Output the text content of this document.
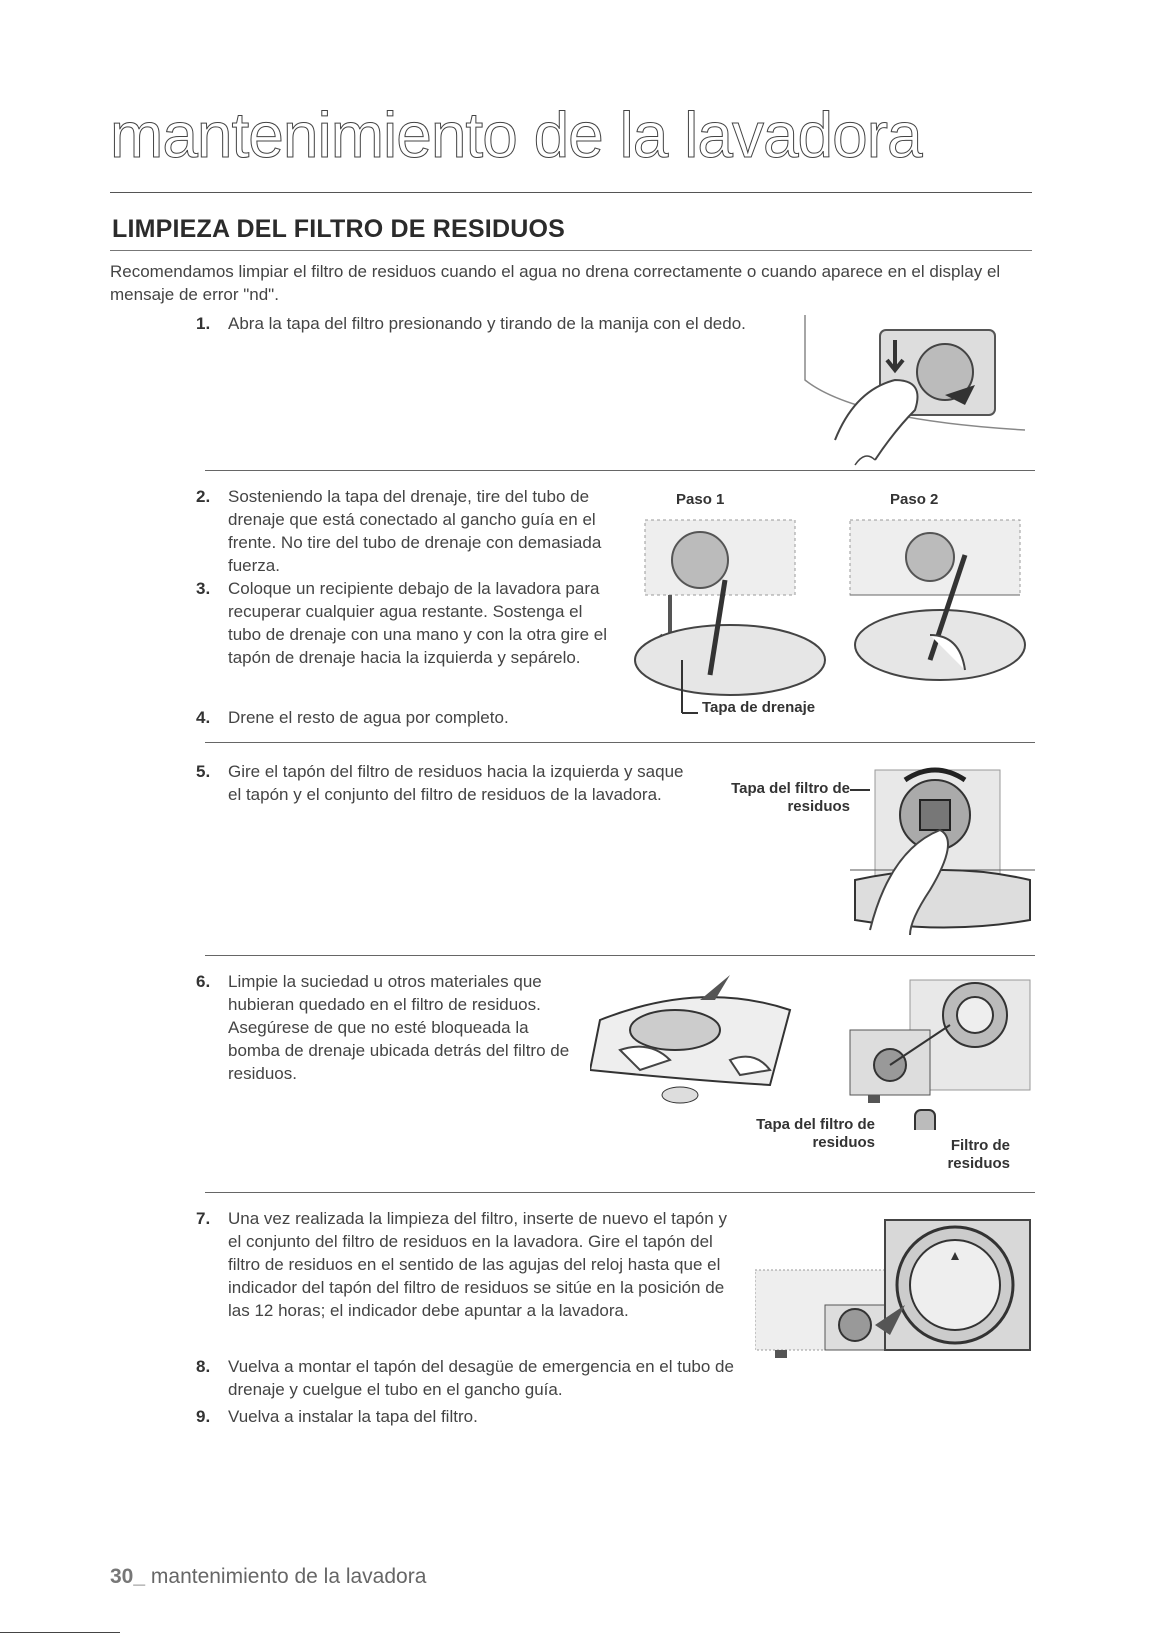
mantenimiento de la lavadora
LIMPIEZA DEL FILTRO DE RESIDUOS
Recomendamos limpiar el filtro de residuos cuando el agua no drena correctamente o cuando aparece en el display el mensaje de error "nd".
1.	Abra la tapa del filtro presionando y tirando de la manija con el dedo.
2.	Sosteniendo la tapa del drenaje, tire del tubo de drenaje que está conectado al gancho guía en el frente. No tire del tubo de drenaje con demasiada fuerza.
3.	Coloque un recipiente debajo de la lavadora para recuperar cualquier agua restante. Sostenga el tubo de drenaje con una mano y con la otra gire el tapón de drenaje hacia la izquierda y sepárelo.
4.	Drene el resto de agua por completo.
Paso 1	Paso 2
Tapa de drenaje
5.	Gire el tapón del filtro de residuos hacia la izquierda y saque el tapón y el conjunto del filtro de residuos de la lavadora.	Tapa del filtro de
residuos
6.	Limpie la suciedad u otros materiales que hubieran quedado en el filtro de residuos. Asegúrese de que no esté bloqueada la bomba de drenaje ubicada detrás del filtro de residuos.
Tapa del filtro de
residuos	Filtro de
residuos
7.	Una vez realizada la limpieza del filtro, inserte de nuevo el tapón y el conjunto del filtro de residuos en la lavadora. Gire el tapón del filtro de residuos en el sentido de las agujas del reloj hasta que el indicador del tapón del filtro de residuos se sitúe en la posición de las 12 horas; el indicador debe apuntar a la lavadora.
8.	Vuelva a montar el tapón del desagüe de emergencia en el tubo de drenaje y cuelgue el tubo en el gancho guía.
9.	Vuelva a instalar la tapa del filtro.
30_ mantenimiento de la lavadora
